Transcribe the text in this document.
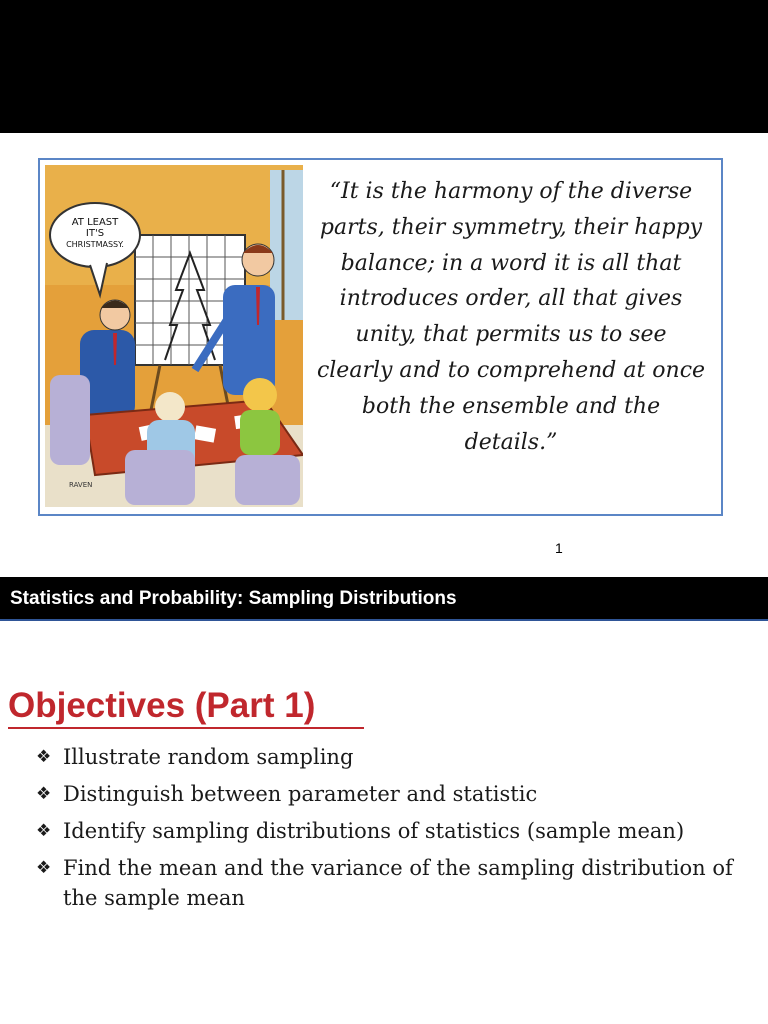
AT LEAST
IT'S
CHRISTMASSY.
RAVEN

“It is the harmony of the diverse parts, their symmetry, their happy balance; in a word it is all that introduces order, all that gives unity, that permits us to see clearly and to comprehend at once both the ensemble and the details.”

1
Statistics and Probability: Sampling Distributions
Objectives (Part 1)
❖ Illustrate random sampling
❖ Distinguish between parameter and statistic
❖ Identify sampling distributions of statistics (sample mean)
❖ Find the mean and the variance of the sampling distribution of the sample mean
